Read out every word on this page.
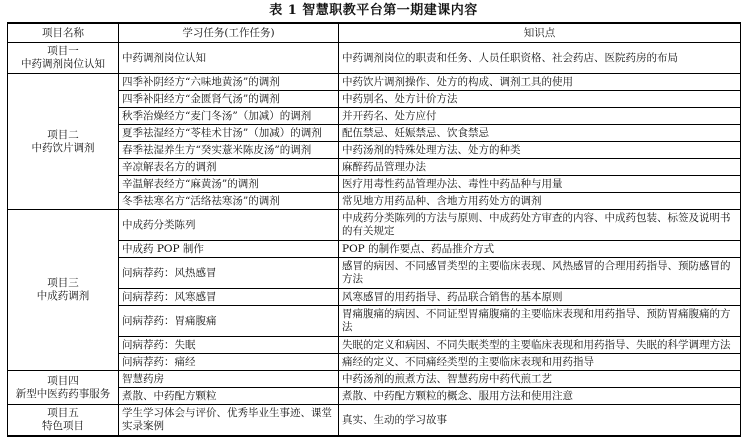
表 1 智慧职教平台第一期建课内容
项目名称	学习任务(工作任务)	知识点

项目一
中药调剂岗位认知	中药调剂岗位认知	中药调剂岗位的职责和任务、人员任职资格、社会药店、医院药房的布局

项目二
中药饮片调剂	四季补阴经方“六味地黄汤”的调剂	中药饮片调剂操作、处方的构成、调剂工具的使用
	四季补阳经方“金匮肾气汤”的调剂	中药别名、处方计价方法
	秋季治燥经方“麦门冬汤”（加减）的调剂	并开药名、处方应付
	夏季祛湿经方“苓桂术甘汤”（加减）的调剂	配伍禁忌、妊娠禁忌、饮食禁忌
	春季祛湿养生方“癸实薏米陈皮汤”的调剂	中药汤剂的特殊处理方法、处方的种类
	辛凉解表名方的调剂	麻醉药品管理办法
	辛温解表经方“麻黄汤”的调剂	医疗用毒性药品管理办法、毒性中药品种与用量
	冬季祛寒名方“活络祛寒汤”的调剂	常见地方用药品种、含地方用药处方的调剂

项目三
中成药调剂	中成药分类陈列	中成药分类陈列的方法与原则、中成药处方审查的内容、中成药包装、标签及说明书的有关规定
	中成药 POP 制作	POP 的制作要点、药品推介方式
	问病荐药：风热感冒	感冒的病因、不同感冒类型的主要临床表现、风热感冒的合理用药指导、预防感冒的方法
	问病荐药：风寒感冒	风寒感冒的用药指导、药品联合销售的基本原则
	问病荐药：胃痛腹痛	胃痛腹痛的病因、不同证型胃痛腹痛的主要临床表现和用药指导、预防胃痛腹痛的方法
	问病荐药：失眠	失眠的定义和病因、不同失眠类型的主要临床表现和用药指导、失眠的科学调理方法
	问病荐药：痛经	痛经的定义、不同痛经类型的主要临床表现和用药指导

项目四
新型中医药药事服务	智慧药房	中药汤剂的煎煮方法、智慧药房中药代煎工艺
	煮散、中药配方颗粒	煮散、中药配方颗粒的概念、服用方法和使用注意

项目五
特色项目	学生学习体会与评价、优秀毕业生事迹、课堂实录案例	真实、生动的学习故事
